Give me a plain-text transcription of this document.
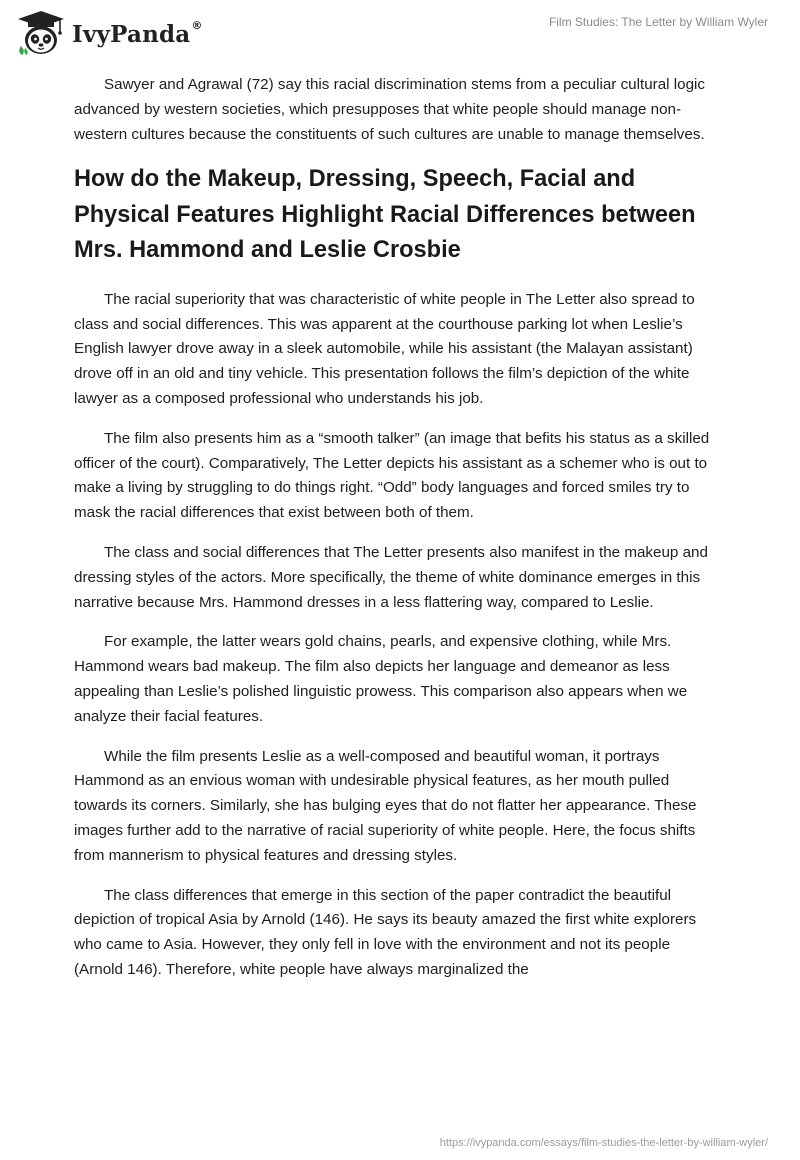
IvyPanda®	Film Studies: The Letter by William Wyler

Sawyer and Agrawal (72) say this racial discrimination stems from a peculiar cultural logic advanced by western societies, which presupposes that white people should manage non-western cultures because the constituents of such cultures are unable to manage themselves.

How do the Makeup, Dressing, Speech, Facial and Physical Features Highlight Racial Differences between Mrs. Hammond and Leslie Crosbie

The racial superiority that was characteristic of white people in The Letter also spread to class and social differences. This was apparent at the courthouse parking lot when Leslie’s English lawyer drove away in a sleek automobile, while his assistant (the Malayan assistant) drove off in an old and tiny vehicle. This presentation follows the film’s depiction of the white lawyer as a composed professional who understands his job.

The film also presents him as a “smooth talker” (an image that befits his status as a skilled officer of the court). Comparatively, The Letter depicts his assistant as a schemer who is out to make a living by struggling to do things right. “Odd” body languages and forced smiles try to mask the racial differences that exist between both of them.

The class and social differences that The Letter presents also manifest in the makeup and dressing styles of the actors. More specifically, the theme of white dominance emerges in this narrative because Mrs. Hammond dresses in a less flattering way, compared to Leslie.

For example, the latter wears gold chains, pearls, and expensive clothing, while Mrs. Hammond wears bad makeup. The film also depicts her language and demeanor as less appealing than Leslie’s polished linguistic prowess. This comparison also appears when we analyze their facial features.

While the film presents Leslie as a well-composed and beautiful woman, it portrays Hammond as an envious woman with undesirable physical features, as her mouth pulled towards its corners. Similarly, she has bulging eyes that do not flatter her appearance. These images further add to the narrative of racial superiority of white people. Here, the focus shifts from mannerism to physical features and dressing styles.

The class differences that emerge in this section of the paper contradict the beautiful depiction of tropical Asia by Arnold (146). He says its beauty amazed the first white explorers who came to Asia. However, they only fell in love with the environment and not its people (Arnold 146). Therefore, white people have always marginalized the

https://ivypanda.com/essays/film-studies-the-letter-by-william-wyler/
